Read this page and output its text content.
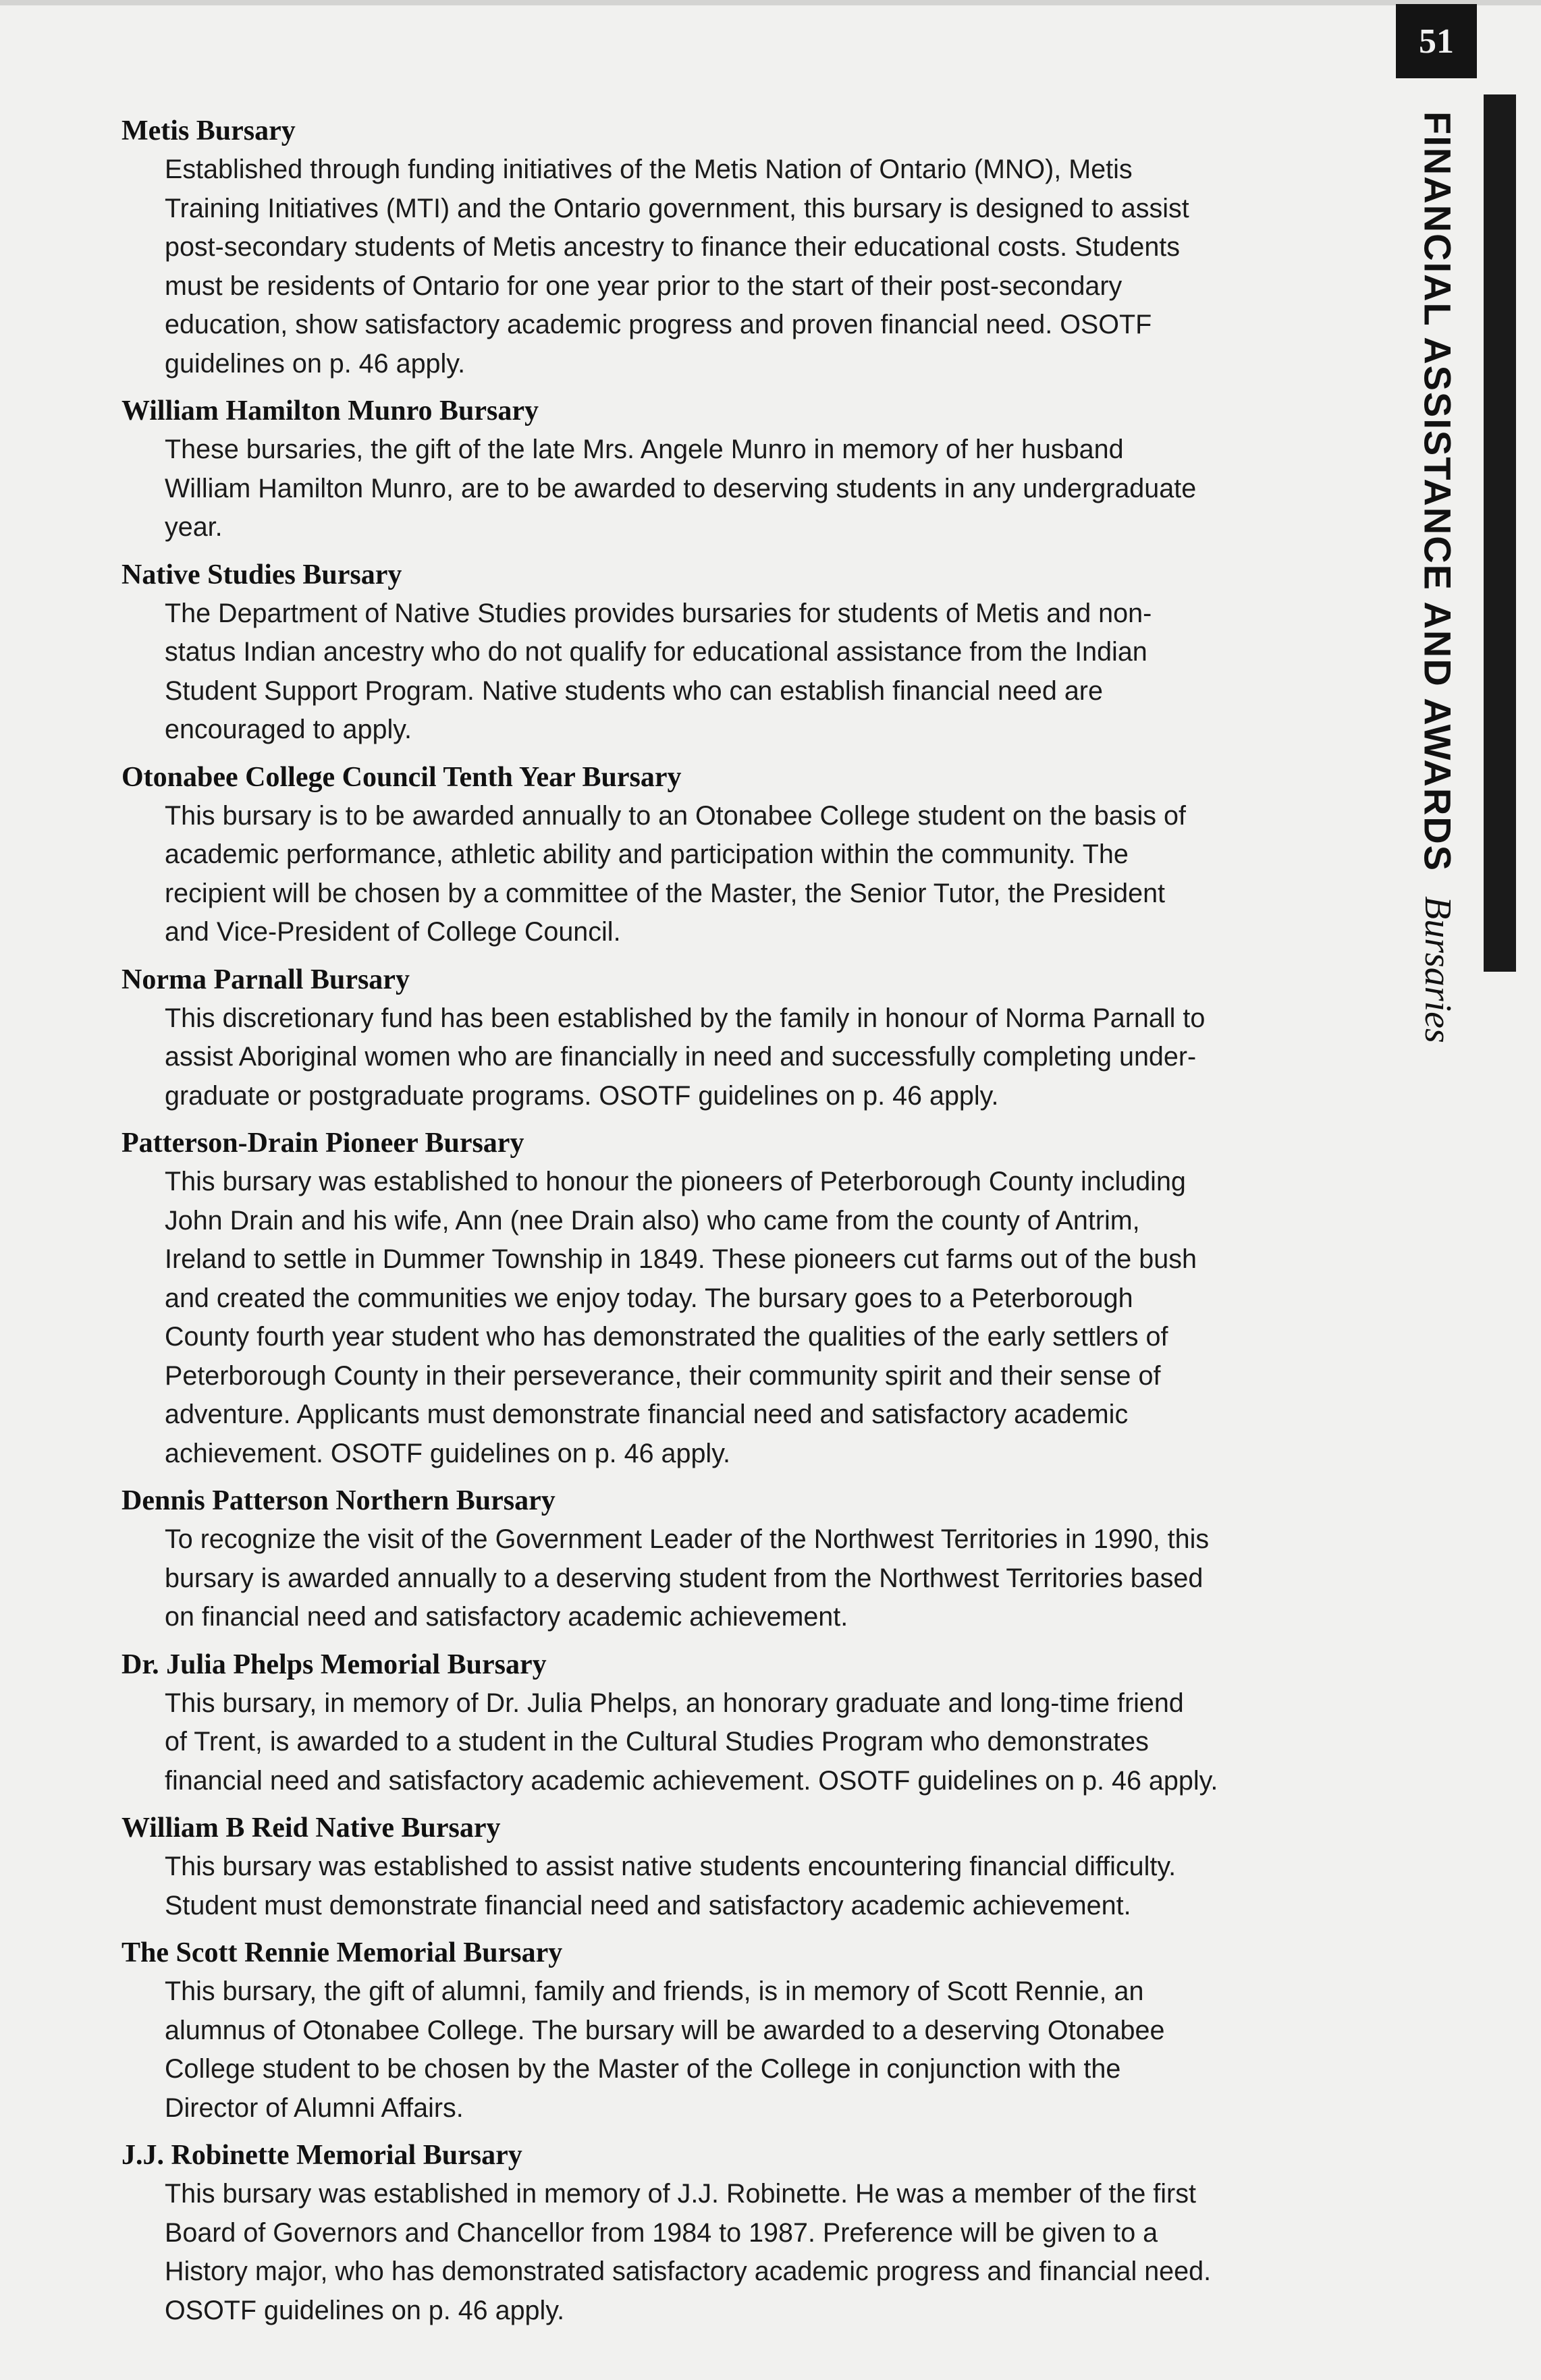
51
FINANCIAL ASSISTANCE AND AWARDS
Bursaries
Metis Bursary
Established through funding initiatives of the Metis Nation of Ontario (MNO), Metis
Training Initiatives (MTI) and the Ontario government, this bursary is designed to assist
post-secondary students of Metis ancestry to finance their educational costs. Students
must be residents of Ontario for one year prior to the start of their post-secondary
education, show satisfactory academic progress and proven financial need. OSOTF
guidelines on p. 46 apply.
William Hamilton Munro Bursary
These bursaries, the gift of the late Mrs. Angele Munro in memory of her husband
William Hamilton Munro, are to be awarded to deserving students in any undergraduate
year.
Native Studies Bursary
The Department of Native Studies provides bursaries for students of Metis and non-
status Indian ancestry who do not qualify for educational assistance from the Indian
Student Support Program. Native students who can establish financial need are
encouraged to apply.
Otonabee College Council Tenth Year Bursary
This bursary is to be awarded annually to an Otonabee College student on the basis of
academic performance, athletic ability and participation within the community. The
recipient will be chosen by a committee of the Master, the Senior Tutor, the President
and Vice-President of College Council.
Norma Parnall Bursary
This discretionary fund has been established by the family in honour of Norma Parnall to
assist Aboriginal women who are financially in need and successfully completing under-
graduate or postgraduate programs. OSOTF guidelines on p. 46 apply.
Patterson-Drain Pioneer Bursary
This bursary was established to honour the pioneers of Peterborough County including
John Drain and his wife, Ann (nee Drain also) who came from the county of Antrim,
Ireland to settle in Dummer Township in 1849. These pioneers cut farms out of the bush
and created the communities we enjoy today. The bursary goes to a Peterborough
County fourth year student who has demonstrated the qualities of the early settlers of
Peterborough County in their perseverance, their community spirit and their sense of
adventure. Applicants must demonstrate financial need and satisfactory academic
achievement. OSOTF guidelines on p. 46 apply.
Dennis Patterson Northern Bursary
To recognize the visit of the Government Leader of the Northwest Territories in 1990, this
bursary is awarded annually to a deserving student from the Northwest Territories based
on financial need and satisfactory academic achievement.
Dr. Julia Phelps Memorial Bursary
This bursary, in memory of Dr. Julia Phelps, an honorary graduate and long-time friend
of Trent, is awarded to a student in the Cultural Studies Program who demonstrates
financial need and satisfactory academic achievement. OSOTF guidelines on p. 46 apply.
William B Reid Native Bursary
This bursary was established to assist native students encountering financial difficulty.
Student must demonstrate financial need and satisfactory academic achievement.
The Scott Rennie Memorial Bursary
This bursary, the gift of alumni, family and friends, is in memory of Scott Rennie, an
alumnus of Otonabee College. The bursary will be awarded to a deserving Otonabee
College student to be chosen by the Master of the College in conjunction with the
Director of Alumni Affairs.
J.J. Robinette Memorial Bursary
This bursary was established in memory of J.J. Robinette. He was a member of the first
Board of Governors and Chancellor from 1984 to 1987. Preference will be given to a
History major, who has demonstrated satisfactory academic progress and financial need.
OSOTF guidelines on p. 46 apply.
